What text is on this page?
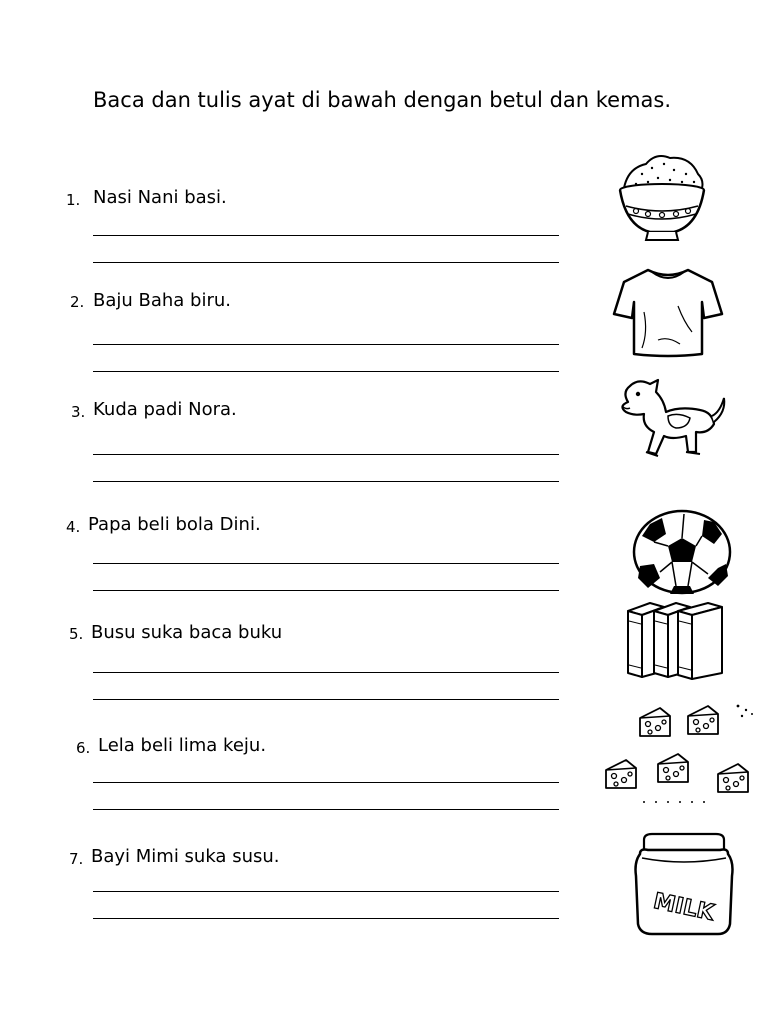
Baca dan tulis ayat di bawah dengan betul dan kemas.
1. Nasi Nani basi.
2. Baju Baha biru.
3. Kuda padi Nora.
4. Papa beli bola Dini.
5. Busu suka baca buku
6. Lela beli lima keju.
7. Bayi Mimi suka susu.
MILK
